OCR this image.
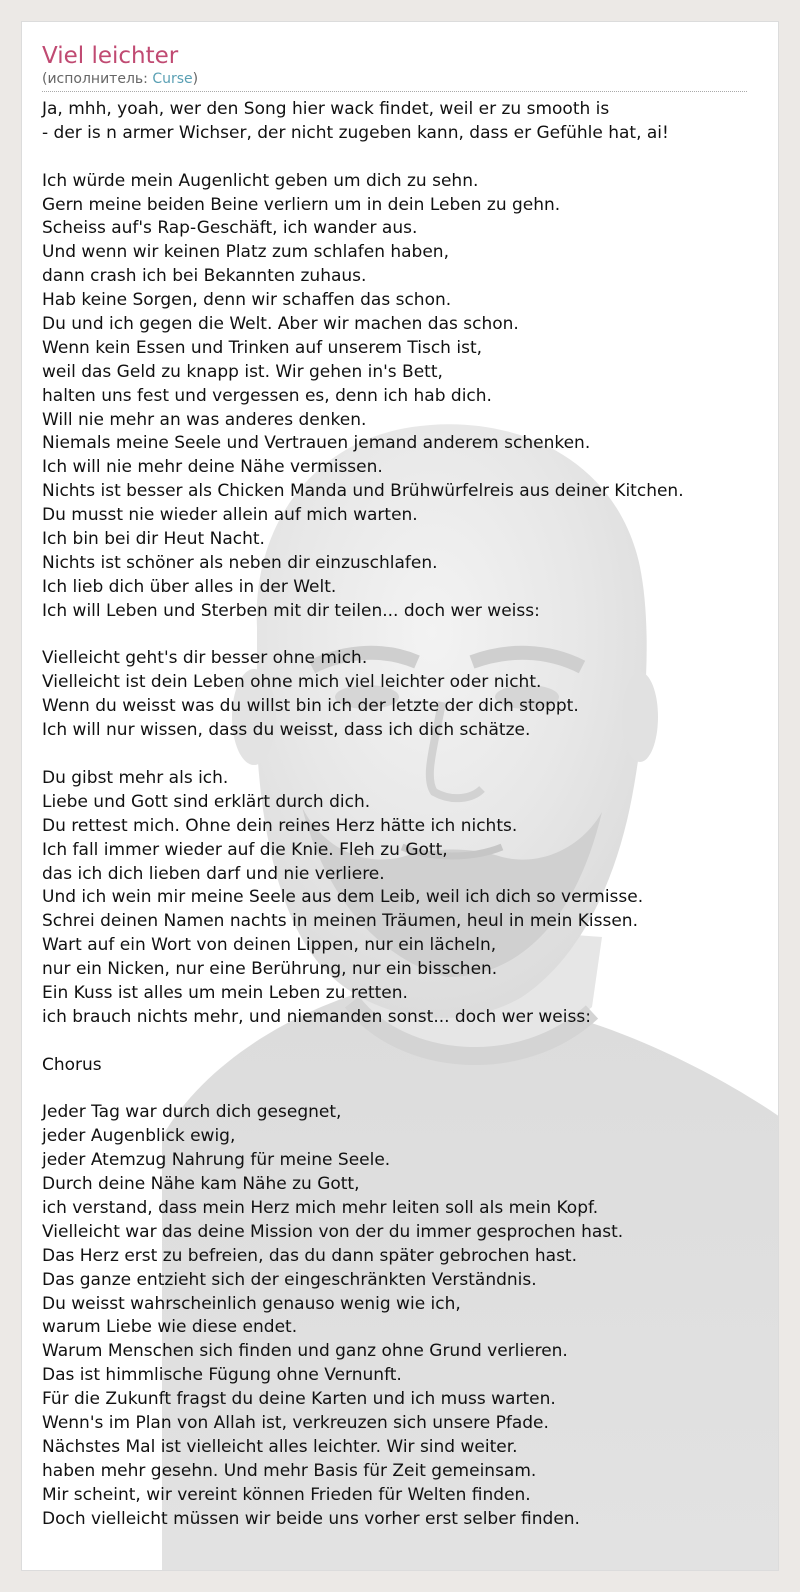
Viel leichter
(исполнитель: Curse)
Ja, mhh, yoah, wer den Song hier wack findet, weil er zu smooth is
- der is n armer Wichser, der nicht zugeben kann, dass er Gefühle hat, ai!
Ich würde mein Augenlicht geben um dich zu sehn.
Gern meine beiden Beine verliern um in dein Leben zu gehn.
Scheiss auf's Rap-Geschäft, ich wander aus.
Und wenn wir keinen Platz zum schlafen haben,
dann crash ich bei Bekannten zuhaus.
Hab keine Sorgen, denn wir schaffen das schon.
Du und ich gegen die Welt. Aber wir machen das schon.
Wenn kein Essen und Trinken auf unserem Tisch ist,
weil das Geld zu knapp ist. Wir gehen in's Bett,
halten uns fest und vergessen es, denn ich hab dich.
Will nie mehr an was anderes denken.
Niemals meine Seele und Vertrauen jemand anderem schenken.
Ich will nie mehr deine Nähe vermissen.
Nichts ist besser als Chicken Manda und Brühwürfelreis aus deiner Kitchen.
Du musst nie wieder allein auf mich warten.
Ich bin bei dir Heut Nacht.
Nichts ist schöner als neben dir einzuschlafen.
Ich lieb dich über alles in der Welt.
Ich will Leben und Sterben mit dir teilen... doch wer weiss:
Vielleicht geht's dir besser ohne mich.
Vielleicht ist dein Leben ohne mich viel leichter oder nicht.
Wenn du weisst was du willst bin ich der letzte der dich stoppt.
Ich will nur wissen, dass du weisst, dass ich dich schätze.
Du gibst mehr als ich.
Liebe und Gott sind erklärt durch dich.
Du rettest mich. Ohne dein reines Herz hätte ich nichts.
Ich fall immer wieder auf die Knie. Fleh zu Gott,
das ich dich lieben darf und nie verliere.
Und ich wein mir meine Seele aus dem Leib, weil ich dich so vermisse.
Schrei deinen Namen nachts in meinen Träumen, heul in mein Kissen.
Wart auf ein Wort von deinen Lippen, nur ein lächeln,
nur ein Nicken, nur eine Berührung, nur ein bisschen.
Ein Kuss ist alles um mein Leben zu retten.
ich brauch nichts mehr, und niemanden sonst... doch wer weiss:
Chorus
Jeder Tag war durch dich gesegnet,
jeder Augenblick ewig,
jeder Atemzug Nahrung für meine Seele.
Durch deine Nähe kam Nähe zu Gott,
ich verstand, dass mein Herz mich mehr leiten soll als mein Kopf.
Vielleicht war das deine Mission von der du immer gesprochen hast.
Das Herz erst zu befreien, das du dann später gebrochen hast.
Das ganze entzieht sich der eingeschränkten Verständnis.
Du weisst wahrscheinlich genauso wenig wie ich,
warum Liebe wie diese endet.
Warum Menschen sich finden und ganz ohne Grund verlieren.
Das ist himmlische Fügung ohne Vernunft.
Für die Zukunft fragst du deine Karten und ich muss warten.
Wenn's im Plan von Allah ist, verkreuzen sich unsere Pfade.
Nächstes Mal ist vielleicht alles leichter. Wir sind weiter.
haben mehr gesehn. Und mehr Basis für Zeit gemeinsam.
Mir scheint, wir vereint können Frieden für Welten finden.
Doch vielleicht müssen wir beide uns vorher erst selber finden.
